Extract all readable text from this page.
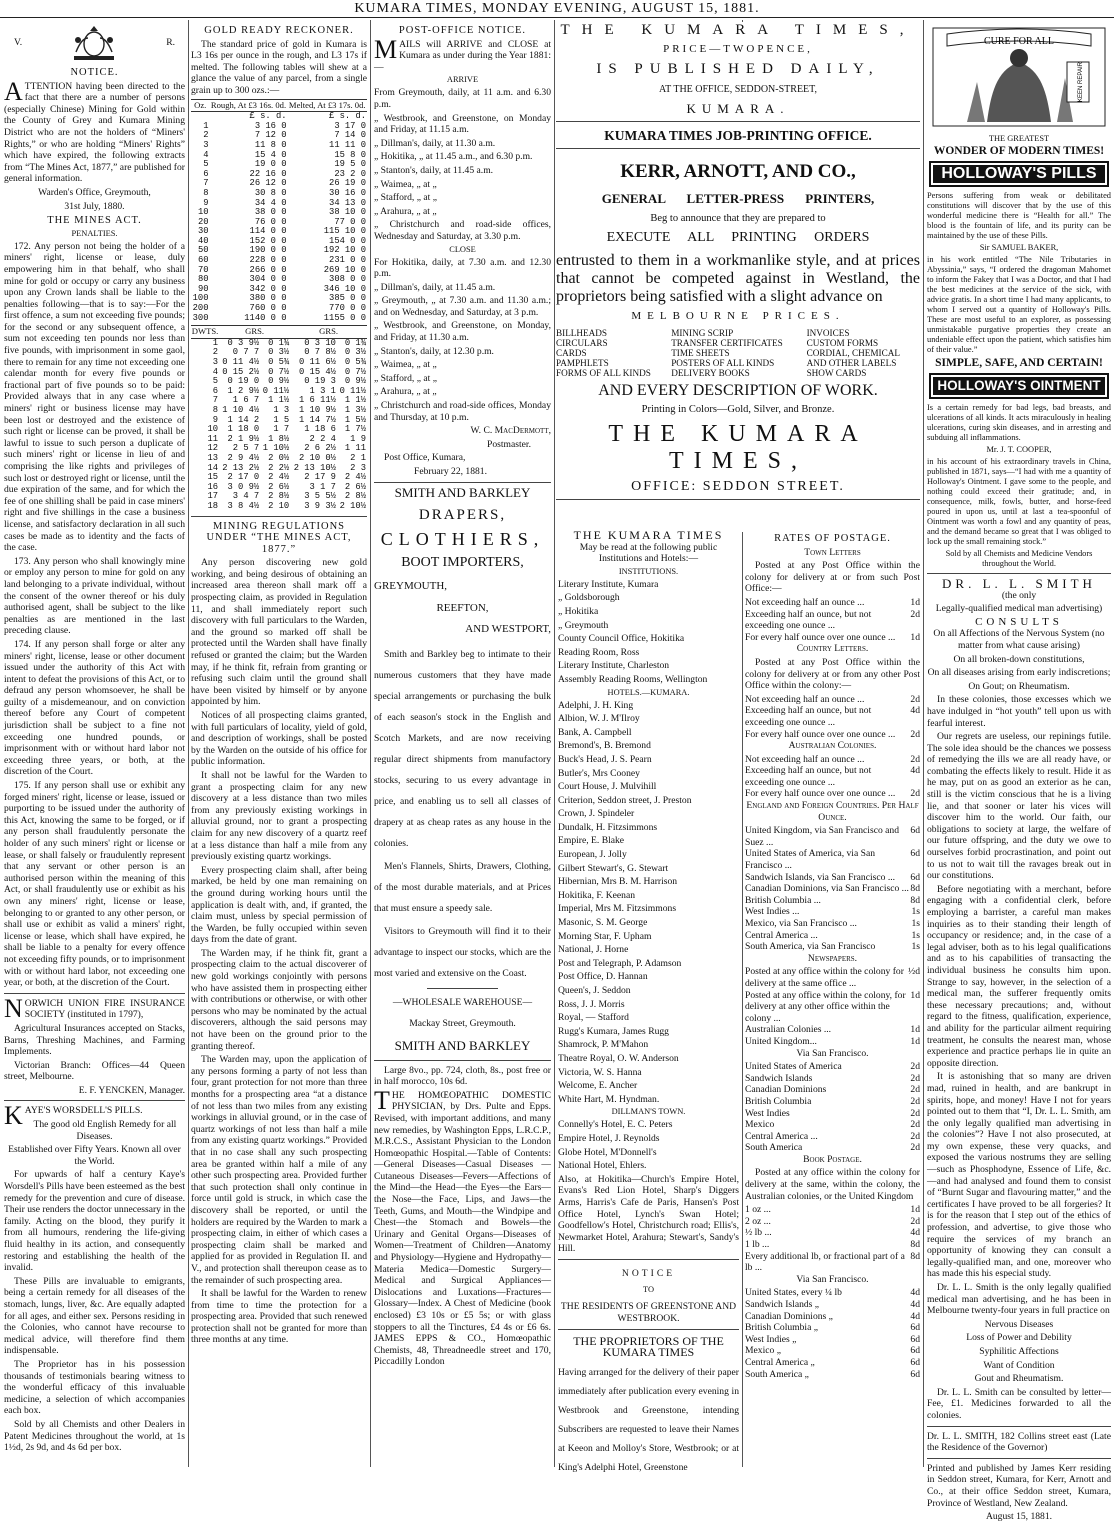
KUMARA TIMES, MONDAY EVENING, AUGUST 15, 1881.
V.	R.
NOTICE.

ATTENTION having been directed to the fact that there are a number of persons (especially Chinese) Mining for Gold within the County of Grey and Kumara Mining District who are not the holders of “Miners' Rights,” or who are holding “Miners' Rights” which have expired, the following extracts from “The Mines Act, 1877,” are published for general information.

Warden's Office, Greymouth,

31st July, 1880.

THE MINES ACT.

PENALTIES.

172. Any person not being the holder of a miners' right, license or lease, duly empowering him in that behalf, who shall mine for gold or occupy or carry any business upon any Crown lands shall be liable to the penalties following—that is to say:—For the first offence, a sum not exceeding five pounds; for the second or any subsequent offence, a sum not exceeding ten pounds nor less than five pounds, with imprisonment in some gaol, there to remain for any time not exceeding one calendar month for every five pounds or fractional part of five pounds so to be paid: Provided always that in any case where a miners' right or business license may have been lost or destroyed and the existence of such right or license can be proved, it shall be lawful to issue to such person a duplicate of such miners' right or license in lieu of and comprising the like rights and privileges of such lost or destroyed right or license, until the due expiration of the same, and for which the fee of one shilling shall be paid in case miners' right and five shillings in the case a business license, and satisfactory declaration in all such cases be made as to identity and the facts of the case.

173. Any person who shall knowingly mine or employ any person to mine for gold on any land belonging to a private individual, without the consent of the owner thereof or his duly authorised agent, shall be subject to the like penalties as are mentioned in the last preceding clause.

174. If any person shall forge or alter any miners' right, license, lease or other document issued under the authority of this Act with intent to defeat the provisions of this Act, or to defraud any person whomsoever, he shall be guilty of a misdemeanour, and on conviction thereof before any Court of competent jurisdiction shall be subject to a fine not exceeding one hundred pounds, or imprisonment with or without hard labor not exceeding three years, or both, at the discretion of the Court.

175. If any person shall use or exhibit any forged miners' right, license or lease, issued or purporting to be issued under the authority of this Act, knowing the same to be forged, or if any person shall fraudulently personate the holder of any such miners' right or license or lease, or shall falsely or fraudulently represent that any servant or other person is an authorised person within the meaning of this Act, or shall fraudulently use or exhibit as his own any miners' right, license or lease, belonging to or granted to any other person, or shall use or exhibit as valid a miners' right, license or lease, which shall have expired, he shall be liable to a penalty for every offence not exceeding fifty pounds, or to imprisonment with or without hard labor, not exceeding one year, or both, at the discretion of the Court.

NORWICH UNION FIRE INSURANCE SOCIETY (instituted in 1797),

Agricultural Insurances accepted on Stacks, Barns, Threshing Machines, and Farming Implements.

Victorian Branch: Offices—44 Queen street, Melbourne.

E. F. YENCKEN, Manager.

KAYE'S WORSDELL'S PILLS.

The good old English Remedy for all Diseases.

Established over Fifty Years. Known all over the World.

For upwards of half a century Kaye's Worsdell's Pills have been esteemed as the best remedy for the prevention and cure of disease. Their use renders the doctor unnecessary in the family. Acting on the blood, they purify it from all humours, rendering the life-giving fluid healthy in its action, and consequently restoring and establishing the health of the invalid.

These Pills are invaluable to emigrants, being a certain remedy for all diseases of the stomach, lungs, liver, &c. Are equally adapted for all ages, and either sex. Persons residing in the Colonies, who cannot have recourse to medical advice, will therefore find them indispensable.

The Proprietor has in his possession thousands of testimonials bearing witness to the wonderful efficacy of this invaluable medicine, a selection of which accompanies each box.

Sold by all Chemists and other Dealers in Patent Medicines throughout the world, at 1s 1½d, 2s 9d, and 4s 6d per box.

GOLD READY RECKONER.

The standard price of gold in Kumara is L3 16s per ounce in the rough, and L3 17s if melted. The following tables will shew at a glance the value of any parcel, from a single grain up to 300 ozs.:—

Oz.	Rough, At £3 16s. 0d.	Melted, At £3 17s. 0d.
	£ s. d.	£ s. d.
1	3 16 0	3 17 0
2	7 12 0	7 14 0
3	11 8 0	11 11 0
4	15 4 0	15 8 0
5	19 0 0	19 5 0
6	22 16 0	23 2 0
7	26 12 0	26 19 0
8	30 8 0	30 16 0
9	34 4 0	34 13 0
10	38 0 0	38 10 0
20	76 0 0	77 0 0
30	114 0 0	115 10 0
40	152 0 0	154 0 0
50	190 0 0	192 10 0
60	228 0 0	231 0 0
70	266 0 0	269 10 0
80	304 0 0	308 0 0
90	342 0 0	346 10 0
100	380 0 0	385 0 0
200	760 0 0	770 0 0
300	1140 0 0	1155 0 0
DWTS.	GRS.		GRS.	
1	0 3 9½	0 1¾	0 3 10	0 1¾
2	0 7 7	0 3½	0 7 8½	0 3½
3	0 11 4½	0 5¾	0 11 6½	0 5¾
4	0 15 2½	0 7½	0 15 4½	0 7½
5	0 19 0	0 9½	0 19 3	0 9½
6	1 2 9½	0 11½	1 3 1	0 11½
7	1 6 7	1 1½	1 6 11½	1 1½
8	1 10 4½	1 3	1 10 9½	1 3½
9	1 14 2	1 5	1 14 7½	1 5½
10	1 18 0	1 7	1 18 6	1 7½
11	2 1 9½	1 8½	2 2 4	1 9
12	2 5 7	1 10½	2 6 2½	1 11
13	2 9 4½	2 0½	2 10 0½	2 1
14	2 13 2½	2 2½	2 13 10½	2 3
15	2 17 0	2 4½	2 17 9	2 4½
16	3 0 9½	2 6½	3 1 7	2 6½
17	3 4 7	2 8½	3 5 5½	2 8½
18	3 8 4½	2 10	3 9 3½	2 10½
MINING REGULATIONS UNDER “THE MINES ACT, 1877.”

Any person discovering new gold working, and being desirous of obtaining an increased area thereon shall mark off a prospecting claim, as provided in Regulation 11, and shall immediately report such discovery with full particulars to the Warden, and the ground so marked off shall be protected until the Warden shall have finally refused or granted the claim; but the Warden may, if he think fit, refrain from granting or refusing such claim until the ground shall have been visited by himself or by anyone appointed by him.

Notices of all prospecting claims granted, with full particulars of locality, yield of gold, and description of workings, shall be posted by the Warden on the outside of his office for public information.

It shall not be lawful for the Warden to grant a prospecting claim for any new discovery at a less distance than two miles from any previously existing workings in alluvial ground, nor to grant a prospecting claim for any new discovery of a quartz reef at a less distance than half a mile from any previously existing quartz workings.

Every prospecting claim shall, after being marked, be held by one man remaining on the ground during working hours until the application is dealt with, and, if granted, the claim must, unless by special permission of the Warden, be fully occupied within seven days from the date of grant.

The Warden may, if he think fit, grant a prospecting claim to the actual discoverer of new gold workings conjointly with persons who have assisted them in prospecting either with contributions or otherwise, or with other persons who may be nominated by the actual discoverers, although the said persons may not have been on the ground prior to the granting thereof.

The Warden may, upon the application of any persons forming a party of not less than four, grant protection for not more than three months for a prospecting area “at a distance of not less than two miles from any existing workings in alluvial ground, or in the case of quartz workings of not less than half a mile from any existing quartz workings.” Provided that in no case shall any such prospecting area be granted within half a mile of any other such prospecting area. Provided further that such protection shall only continue in force until gold is struck, in which case the discovery shall be reported, or until the holders are required by the Warden to mark a prospecting claim, in either of which cases a prospecting claim shall be marked and applied for as provided in Regulation II. and V., and protection shall thereupon cease as to the remainder of such prospecting area.

It shall be lawful for the Warden to renew from time to time the protection for a prospecting area. Provided that such renewed protection shall not be granted for more than three months at any time.

POST-OFFICE NOTICE.

MAILS will ARRIVE and CLOSE at Kumara as under during the Year 1881:—

ARRIVE

From Greymouth, daily, at 11 a.m. and 6.30 p.m.

„ Westbrook, and Greenstone, on Monday and Friday, at 11.15 a.m.

„ Dillman's, daily, at 11.30 a.m.

„ Hokitika, „ at 11.45 a.m., and 6.30 p.m.

„ Stanton's, daily, at 11.45 a.m.

„ Waimea, „ at „

„ Stafford, „ at „

„ Arahura, „ at „

„ Christchurch and road-side offices, Wednesday and Saturday, at 3.30 p.m.

CLOSE

For Hokitika, daily, at 7.30 a.m. and 12.30 p.m.

„ Dillman's, daily, at 11.45 a.m.

„ Greymouth, „ at 7.30 a.m. and 11.30 a.m.; and on Wednesday, and Saturday, at 3 p.m.

„ Westbrook, and Greenstone, on Monday, and Friday, at 11.30 a.m.

„ Stanton's, daily, at 12.30 p.m.

„ Waimea, „ at „

„ Stafford, „ at „

„ Arahura, „ at „

„ Christchurch and road-side offices, Monday and Thursday, at 10 p.m.

W. C. MacDermott,

Postmaster.

Post Office, Kumara,

February 22, 1881.

SMITH AND BARKLEY
DRAPERS,
CLOTHIERS,
BOOT IMPORTERS,
GREYMOUTH,
REEFTON,
AND WESTPORT,

Smith and Barkley beg to intimate to their numerous customers that they have made special arrangements or purchasing the bulk of each season's stock in the English and Scotch Markets, and are now receiving regular direct shipments from manufactory stocks, securing to us every advantage in price, and enabling us to sell all classes of drapery at as cheap rates as any house in the colonies.

Men's Flannels, Shirts, Drawers, Clothing, of the most durable materials, and at Prices that must ensure a speedy sale.

Visitors to Greymouth will find it to their advantage to inspect our stocks, which are the most varied and extensive on the Coast.

—WHOLESALE WAREHOUSE—

Mackay Street, Greymouth.

SMITH AND BARKLEY

Large 8vo., pp. 724, cloth, 8s., post free or in half morocco, 10s 6d.

THE HOMŒOPATHIC DOMESTIC PHYSICIAN, by Drs. Pulte and Epps. Revised, with important additions, and many new remedies, by Washington Epps, L.R.C.P., M.R.C.S., Assistant Physician to the London Homœopathic Hospital.—Table of Contents:—General Diseases—Casual Diseases — Cutaneous Diseases—Fevers—Affections of the Mind—the Head—the Eyes—the Ears—the Nose—the Face, Lips, and Jaws—the Teeth, Gums, and Mouth—the Windpipe and Chest—the Stomach and Bowels—the Urinary and Genital Organs—Diseases of Women—Treatment of Children—Anatomy and Physiology—Hygiene and Hydropathy—Materia Medica—Domestic Surgery—Medical and Surgical Appliances—Dislocations and Luxations—Fractures—Glossary—Index. A Chest of Medicine (book enclosed) £3 10s or £5 5s; or with glass stoppers to all the Tinctures, £4 4s or £6 6s. JAMES EPPS & CO., Homœopathic Chemists, 48, Threadneedle street and 170, Piccadilly London

THE KUMARA TIMES,
PRICE—TWOPENCE,
IS PUBLISHED DAILY,
AT THE OFFICE, SEDDON-STREET,
KUMARA.
KUMARA TIMES JOB-PRINTING OFFICE.
KERR, ARNOTT, AND CO.,
GENERAL LETTER-PRESS PRINTERS,
Beg to announce that they are prepared to
EXECUTE ALL PRINTING ORDERS

entrusted to them in a workmanlike style, and at prices that cannot be competed against in Westland, the proprietors being satisfied with a slight advance on

MELBOURNE PRICES.
BILLHEADS	MINING SCRIP	INVOICES
CIRCULARS	TRANSFER CERTIFICATES	CUSTOM FORMS
CARDS	TIME SHEETS	CORDIAL, CHEMICAL
PAMPHLETS	POSTERS OF ALL KINDS	AND OTHER LABELS
FORMS OF ALL KINDS	DELIVERY BOOKS	SHOW CARDS
AND EVERY DESCRIPTION OF WORK.
Printing in Colors—Gold, Silver, and Bronze.
THE KUMARA TIMES,
OFFICE: SEDDON STREET.
THE KUMARA TIMES

May be read at the following public Institutions and Hotels:—

INSTITUTIONS.

Literary Institute, Kumara

„ Goldsborough

„ Hokitika

„ Greymouth

County Council Office, Hokitika

Reading Room, Ross

Literary Institute, Charleston

Assembly Reading Rooms, Wellington

HOTELS.—KUMARA.

Adelphi, J. H. King

Albion, W. J. M'Ilroy

Bank, A. Campbell

Bremond's, B. Bremond

Buck's Head, J. S. Pearn

Butler's, Mrs Cooney

Court House, J. Mulvihill

Criterion, Seddon street, J. Preston

Crown, J. Spindeler

Dundalk, H. Fitzsimmons

Empire, E. Blake

European, J. Jolly

Gilbert Stewart's, G. Stewart

Hibernian, Mrs B. M. Harrison

Hokitika, F. Keenan

Imperial, Mrs M. Fitzsimmons

Masonic, S. M. George

Morning Star, F. Upham

National, J. Horne

Post and Telegraph, P. Adamson

Post Office, D. Hannan

Queen's, J. Seddon

Ross, J. J. Morris

Royal, — Stafford

Rugg's Kumara, James Rugg

Shamrock, P. M'Mahon

Theatre Royal, O. W. Anderson

Victoria, W. S. Hanna

Welcome, E. Ancher

White Hart, M. Hyndman.

DILLMAN'S TOWN.

Connelly's Hotel, E. C. Peters

Empire Hotel, J. Reynolds

Globe Hotel, M'Donnell's

National Hotel, Ehlers.

Also, at Hokitika—Church's Empire Hotel, Evans's Red Lion Hotel, Sharp's Diggers Arms, Harris's Cafe de Paris, Hansen's Post Office Hotel, Lynch's Swan Hotel; Goodfellow's Hotel, Christchurch road; Ellis's, Newmarket Hotel, Arahura; Stewart's, Sandy's Hill.

NOTICE
TO
THE RESIDENTS OF GREENSTONE AND WESTBROOK.
THE PROPRIETORS OF THE KUMARA TIMES

Having arranged for the delivery of their paper immediately after publication every evening in Westbrook and Greenstone, intending Subscribers are requested to leave their Names at Keeon and Molloy's Store, Westbrook; or at King's Adelphi Hotel, Greenstone

RATES OF POSTAGE.

Town Letters

Posted at any Post Office within the colony for delivery at or from such Post Office:—

Not exceeding half an ounce ...	1d
Exceeding half an ounce, but not exceeding one ounce ...
2d
For every half ounce over one ounce ... 1d

Country Letters.

Posted at any Post Office within the colony for delivery at or from any other Post Office within the colony:—

Not exceeding half an ounce ...	2d
Exceeding half an ounce, but not exceeding one ounce ...
4d
For every half ounce over one ounce ... 2d

Australian Colonies.

Not exceeding half an ounce ...	2d
Exceeding half an ounce, but not exceeding one ounce ...
4d
For every half ounce over one ounce ... 2d

England and Foreign Countries. Per Half Ounce.

United Kingdom, via San Francisco and Suez ...
6d
United States of America, via San Francisco ...
6d
Sandwich Islands, via San Francisco ... 6d
Canadian Dominions, via San Francisco ... 8d
British Columbia ...	8d
West Indies ...	1s
Mexico, via San Francisco ...	1s
Central America ...	1s
South America, via San Francisco	1s

Newspapers.

Posted at any office within the colony for delivery at the same office ...
½d
Posted at any office within the colony, for delivery at any other office within the colony ...
1d
Australian Colonies ...	1d
United Kingdom...	1d

Via San Francisco.

United States of America	2d
Sandwich Islands	2d
Canadian Dominions	2d
British Columbia	2d
West Indies	2d
Mexico	2d
Central America ...	2d
South America	2d

Book Postage.

Posted at any office within the colony for delivery at the same, within the colony, the Australian colonies, or the United Kingdom

1 oz ...	1d
2 oz ...	2d
½ lb ...	4d
1 lb ...	8d
Every additional lb, or fractional part of a lb ...
8d

Via San Francisco.

United States, every ¼ lb	4d
Sandwich Islands „	4d
Canadian Dominions „	4d
British Columbia „	6d
West Indies „	6d
Mexico „	6d
Central America „	6d
South America „	6d
CURE FOR ALL
KEEN REPAIR

THE GREATEST

WONDER OF MODERN TIMES!
HOLLOWAY'S PILLS

Persons suffering from weak or debilitated constitutions will discover that by the use of this wonderful medicine there is “Health for all.” The blood is the fountain of life, and its purity can be maintained by the use of these Pills.

Sir SAMUEL BAKER,

in his work entitled “The Nile Tributaries in Abyssinia,” says, “I ordered the dragoman Mahomet to inform the Fakey that I was a Doctor, and that I had the best medicines at the service of the sick, with advice gratis. In a short time I had many applicants, to whom I served out a quantity of Holloway's Pills. These are most useful to an explorer, as possessing unmistakable purgative properties they create an undeniable effect upon the patient, which satisfies him of their value.”

SIMPLE, SAFE, AND CERTAIN!
HOLLOWAY'S OINTMENT

Is a certain remedy for bad legs, bad breasts, and ulcerations of all kinds. It acts miraculously in healing ulcerations, curing skin diseases, and in arresting and subduing all inflammations.

Mr. J. T. COOPER,

in his account of his extraordinary travels in China, published in 1871, says—“I had with me a quantity of Holloway's Ointment. I gave some to the people, and nothing could exceed their gratitude; and, in consequence, milk, fowls, butter, and horse-feed poured in upon us, until at last a tea-spoonful of Ointment was worth a fowl and any quantity of peas, and the demand became so great that I was obliged to lock up the small remaining stock.”

Sold by all Chemists and Medicine Vendors throughout the World.

DR. L. L. SMITH

(the only

Legally-qualified medical man advertising)

CONSULTS

On all Affections of the Nervous System (no matter from what cause arising)

On all broken-down constitutions,

On all diseases arising from early indiscretions;

On Gout; on Rheumatism.

In these colonies, those excesses which we have indulged in “hot youth” tell upon us with fearful interest.

Our regrets are useless, our repinings futile. The sole idea should be the chances we possess of remedying the ills we are all ready have, or combating the effects likely to result. Hide it as he may, put on as good an exterior as he can, still is the victim conscious that he is a living lie, and that sooner or later his vices will discover him to the world. Our faith, our obligations to society at large, the welfare of our future offspring, and the duty we owe to ourselves forbid procrastination, and point out to us not to wait till the ravages break out in our constitutions.

Before negotiating with a merchant, before engaging with a confidential clerk, before employing a barrister, a careful man makes inquiries as to their standing their length of occupancy or residence; and, in the case of a legal adviser, both as to his legal qualifications and as to his capabilities of transacting the individual business he consults him upon. Strange to say, however, in the selection of a medical man, the sufferer frequently omits these necessary precautions; and, without regard to the fitness, qualification, experience, and ability for the particular ailment requiring treatment, he consults the nearest man, whose experience and practice perhaps lie in quite an opposite direction.

It is astonishing that so many are driven mad, ruined in health, and are bankrupt in spirits, hope, and money! Have I not for years pointed out to them that “I, Dr. L. L. Smith, am the only legally qualified man advertising in the colonies”? Have I not also prosecuted, at my own expense, these very quacks, and exposed the various nostrums they are selling—such as Phosphodyne, Essence of Life, &c.—and had analysed and found them to consist of “Burnt Sugar and flavouring matter,” and the certificates I have proved to be all forgeries? It is for the reason that I step out of the ethics of profession, and advertise, to give those who require the services of my branch an opportunity of knowing they can consult a legally-qualified man, and one, moreover who has made this his especial study.

Dr. L. L. Smith is the only legally qualified medical man advertising, and he has been in Melbourne twenty-four years in full practice on

Nervous Diseases

Loss of Power and Debility

Syphilitic Affections

Want of Condition

Gout and Rheumatism.

Dr. L. L. Smith can be consulted by letter—Fee, £1. Medicines forwarded to all the colonies.

Dr. L. L. SMITH, 182 Collins street east (Late the Residence of the Governor)

Printed and published by James Kerr residing in Seddon street, Kumara, for Kerr, Arnott and Co., at their office Seddon street, Kumara, Province of Westland, New Zealand.

August 15, 1881.
